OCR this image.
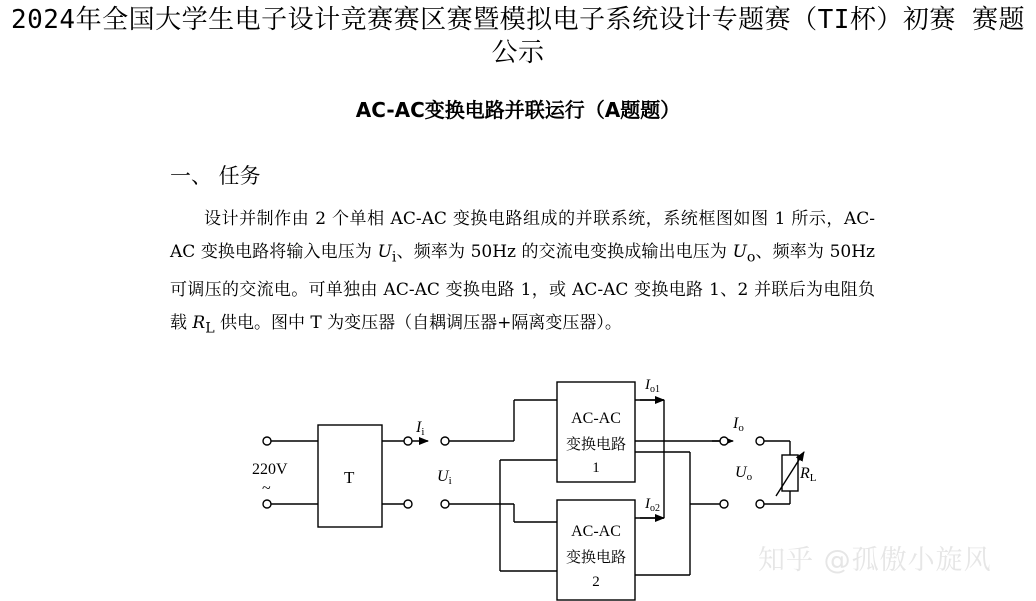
2024年全国大学生电子设计竞赛赛区赛暨模拟电子系统设计专题赛（TI杯）初赛 赛题公示
AC-AC变换电路并联运行（A题题）
一、 任务
设计并制作由 2 个单相 AC-AC 变换电路组成的并联系统，系统框图如图 1 所示，AC-AC 变换电路将输入电压为 $U_i$、频率为 50Hz 的交流电变换成输出电压为 $U_o$、频率为 50Hz 可调压的交流电。可单独由 AC-AC 变换电路 1，或 AC-AC 变换电路 1、2 并联后为电阻负载 $R_L$ 供电。图中 T 为变压器（自耦调压器+隔离变压器）。
220V
~
T
Ii
Ui
AC-AC
变换电路
1
AC-AC
变换电路
2
$I_{o1}$
$I_{o2}$
Io
Uo	RL
知乎 @孤傲小旋风
